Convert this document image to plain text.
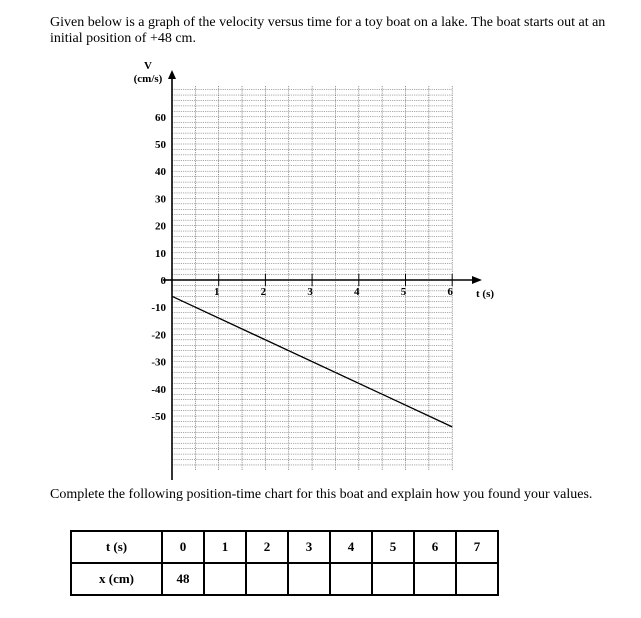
Given below is a graph of the velocity versus time for a toy boat on a lake. The boat starts out at an initial position of +48 cm.

V
(cm/s)
t (s)
60
50
40
30
20
10
0
-10
-20
-30
-40
-50
1	2	3	4	5	6

Complete the following position-time chart for this boat and explain how you found your values.

t (s)	0	1	2	3	4	5	6	7
x (cm)	48							
